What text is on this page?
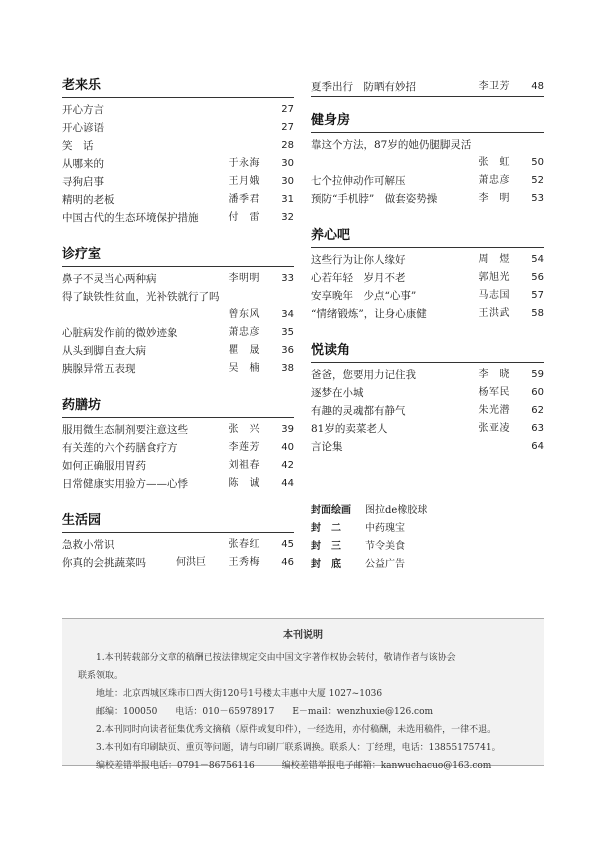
老来乐
开心方言	27
开心谚语	27
笑　话	28
从哪来的	于永海	30
寻狗启事	王月娥	30
精明的老板	潘季君	31
中国古代的生态环境保护措施	付　雷	32
诊疗室
鼻子不灵当心两种病	李明明	33
得了缺铁性贫血，光补铁就行了吗
曾东风	34
心脏病发作前的微妙迹象	萧忠彦	35
从头到脚自查大病	瞿　晟	36
胰腺异常五表现	吴　楠	38
药膳坊
服用微生态制剂要注意这些	张　兴	39
有关莲的六个药膳食疗方	李莲芳	40
如何正确服用胃药	刘祖春	42
日常健康实用验方——心悸	陈　诚	44
生活园
急救小常识	张春红	45
你真的会挑蔬菜吗	何洪巨 王秀梅	46
夏季出行　防晒有妙招	李卫芳	48
健身房
靠这个方法，87岁的她仍腿脚灵活
张　虹	50
七个拉伸动作可解压	萧忠彦	52
预防“手机脖”　做套姿势操	李　明	53
养心吧
这些行为让你人缘好	周　煜	54
心若年轻　岁月不老	郭旭光	56
安享晚年　少点“心事”	马志国	57
“情绪锻炼”，让身心康健	王洪武	58
悦读角
爸爸，您要用力记住我	李　晓	59
逐梦在小城	杨军民	60
有趣的灵魂都有静气	朱光潜	62
81岁的卖菜老人	张亚凌	63
言论集	64
封面绘画 图拉de橡胶球
封　二 中药瑰宝
封　三 节令美食
封　底 公益广告
本刊说明
　　1.本刊转载部分文章的稿酬已按法律规定交由中国文字著作权协会转付，敬请作者与该协会
联系领取。
　　地址：北京西城区珠市口西大街120号1号楼太丰惠中大厦 1027~1036
　　邮编：100050　　电话：010－65978917　　E－mail：wenzhuxie@126.com
　　2.本刊同时向读者征集优秀文摘稿（原件或复印件），一经选用，亦付稿酬，未选用稿件，一律不退。
　　3.本刊如有印刷缺页、重页等问题，请与印刷厂联系调换。联系人：丁经理，电话：13855175741。
　　编校差错举报电话：0791－86756116　　　编校差错举报电子邮箱：kanwuchacuo@163.com
